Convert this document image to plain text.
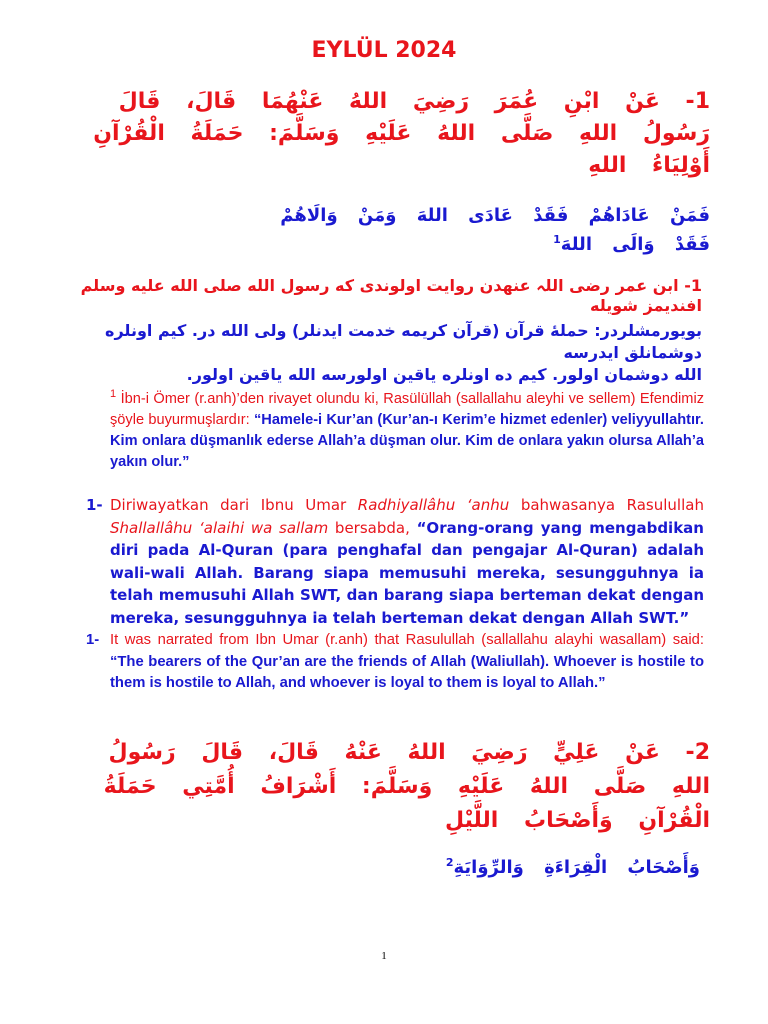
EYLÜL 2024
1- عَنْ ابْنِ عُمَرَ رَضِيَ اللهُ عَنْهُمَا قَالَ، قَالَ رَسُولُ اللهِ صَلَّى اللهُ عَلَيْهِ وَسَلَّمَ: حَمَلَةُ الْقُرْآنِ أَوْلِيَاءُ اللهِ
فَمَنْ عَادَاهُمْ فَقَدْ عَادَى اللهَ وَمَنْ وَالَاهُمْ فَقَدْ وَالَى اللهَ$^1$
1- ابن عمر رضی اللہ عنهدن روایت اولوندی که رسول الله صلى الله علیه وسلم افندیمز شویله
بویورمشلردر: حملۀ قرآن (قرآن کریمه خدمت ایدنلر) ولی الله در. کیم اونلره دوشمانلق ایدرسه
الله دوشمان اولور. کیم ده اونلره یاقین اولورسه الله یاقین اولور.
$^1$ İbn-i Ömer (r.anh)’den rivayet olundu ki, Rasülüllah (sallallahu aleyhi ve sellem) Efendimiz şöyle buyurmuşlardır: “Hamele-i Kur’an (Kur’an-ı Kerim’e hizmet edenler) veliyyullahtır. Kim onlara düşmanlık ederse Allah’a düşman olur. Kim de onlara yakın olursa Allah’a yakın olur.”
1- Diriwayatkan dari Ibnu Umar Radhiyallâhu ‘anhu bahwasanya Rasulullah Shallallâhu ‘alaihi wa sallam bersabda, “Orang-orang yang mengabdikan diri pada Al-Quran (para penghafal dan pengajar Al-Quran) adalah wali-wali Allah. Barang siapa memusuhi mereka, sesungguhnya ia telah memusuhi Allah SWT, dan barang siapa berteman dekat dengan mereka, sesungguhnya ia telah berteman dekat dengan Allah SWT.”
1- It was narrated from Ibn Umar (r.anh) that Rasulullah (sallallahu alayhi wasallam) said: “The bearers of the Qur’an are the friends of Allah (Waliullah). Whoever is hostile to them is hostile to Allah, and whoever is loyal to them is loyal to Allah.”
2- عَنْ عَلِيٍّ رَضِيَ اللهُ عَنْهُ قَالَ، قَالَ رَسُولُ اللهِ صَلَّى اللهُ عَلَيْهِ وَسَلَّمَ: أَشْرَافُ أُمَّتِي حَمَلَةُ الْقُرْآنِ وَأَصْحَابُ اللَّيْلِ
وَأَصْحَابُ الْقِرَاءَةِ وَالرِّوَايَةِ$^2$
1
